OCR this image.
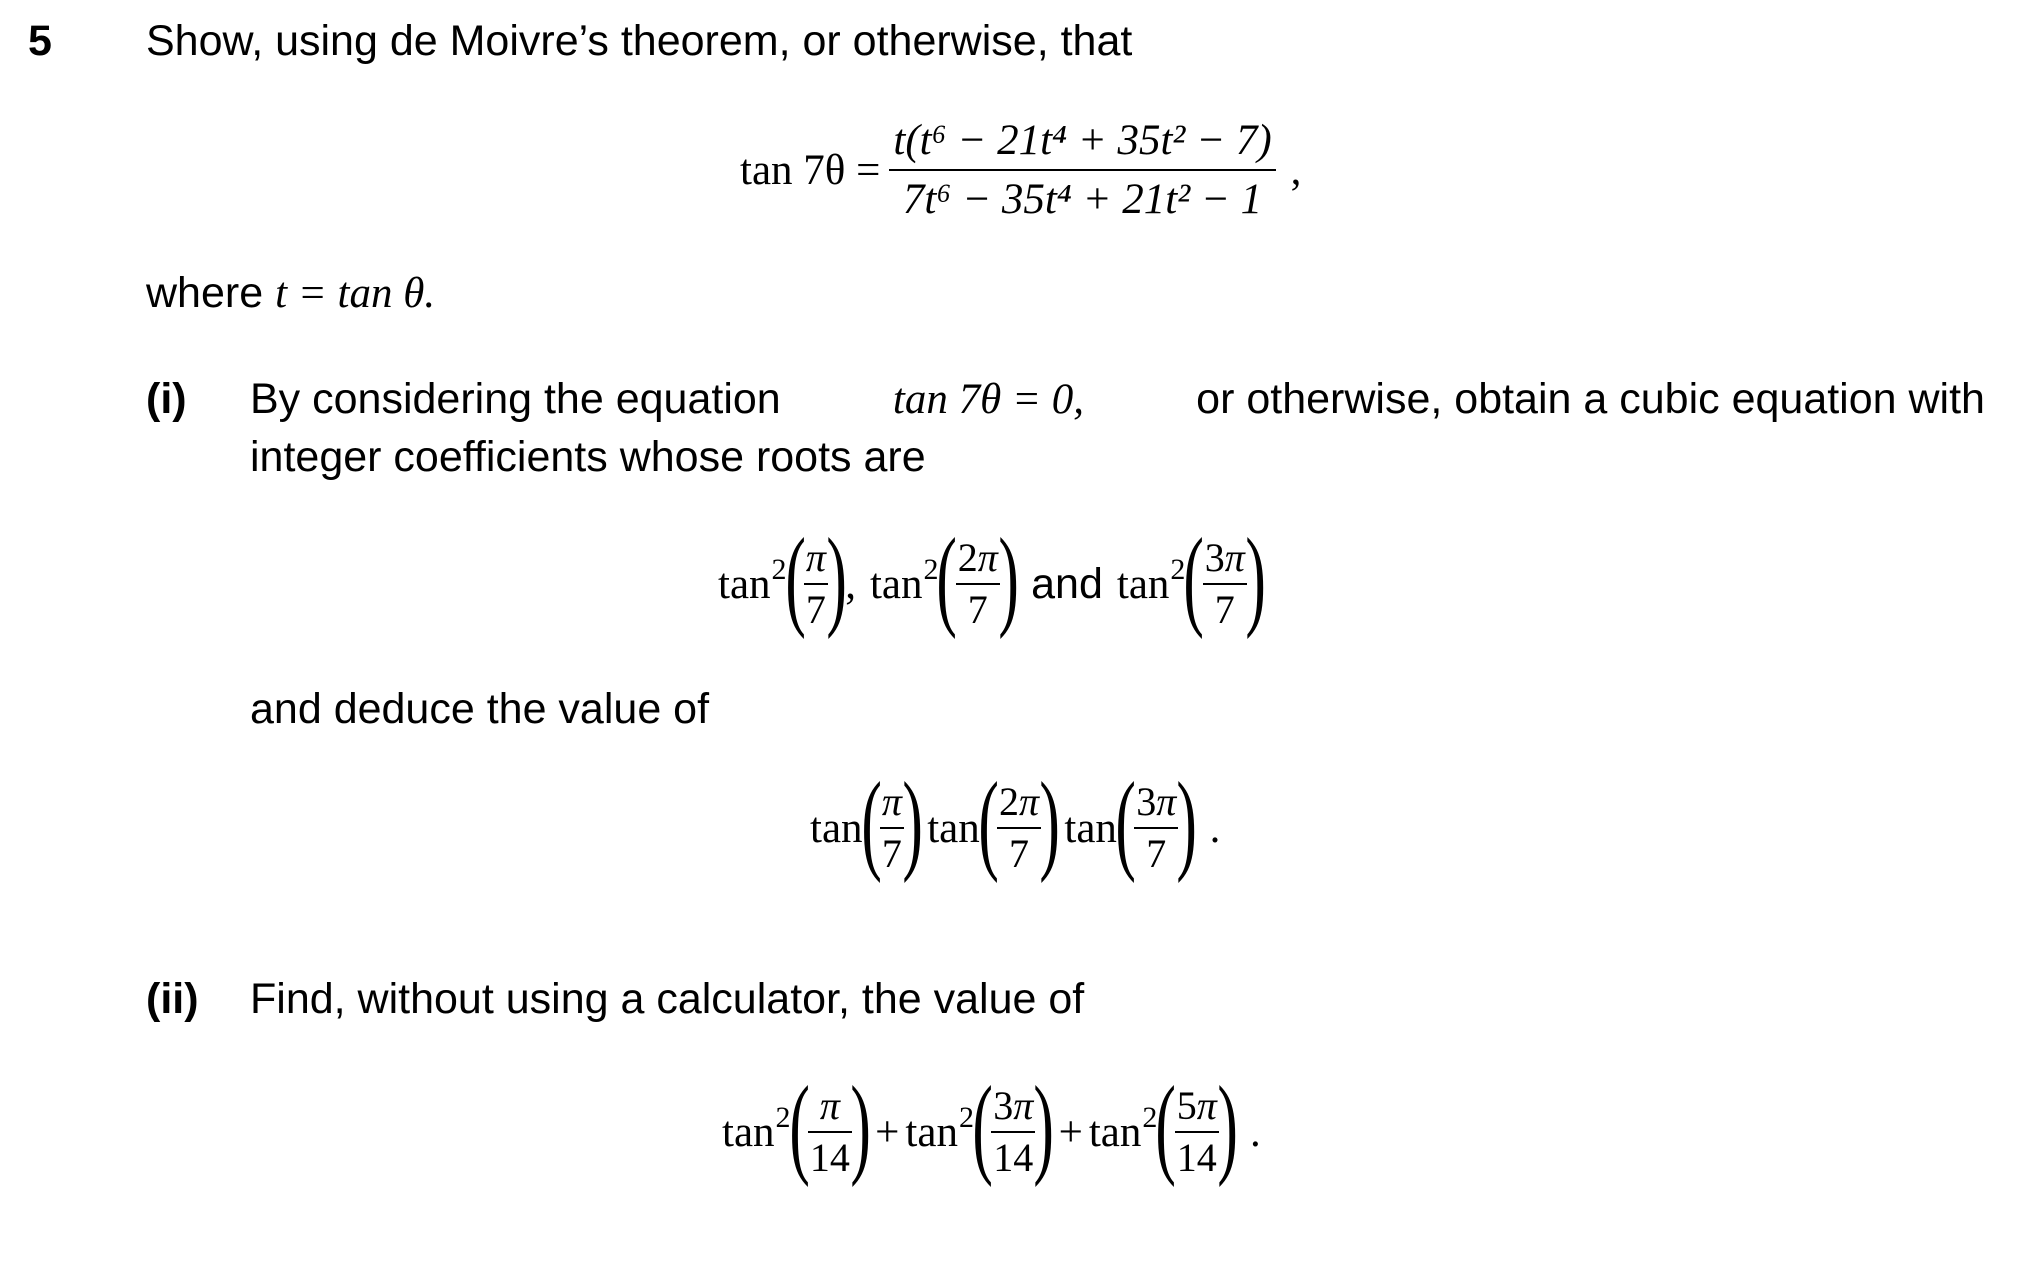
5 Show, using de Moivre’s theorem, or otherwise, that
$\tan 7\theta = \frac{\text{t(t⁶ − 21t⁴ + 35t² − 7)}}{\text{7t⁶ − 35t⁴ + 21t² − 1}}$ ,
where t = tan θ.
(i) By considering the equation	tan 7θ = 0,	or otherwise, obtain a cubic equation with
integer coefficients whose roots are
tan 2
(
$\frac{\pi}{7}$
)
, tan 2
(
$\frac{2\pi}{7}$
) and tan 2
(
$\frac{3\pi}{7}$
)
and deduce the value of
tan
(
$\frac{\pi}{7}$
) tan
(
$\frac{2\pi}{7}$
) tan
(
$\frac{3\pi}{7}$
) .
(ii) Find, without using a calculator, the value of
tan 2
(
$\frac{\pi}{14}$
) + tan 2
(
$\frac{3\pi}{14}$
) + tan 2
(
$\frac{5\pi}{14}$
) .
